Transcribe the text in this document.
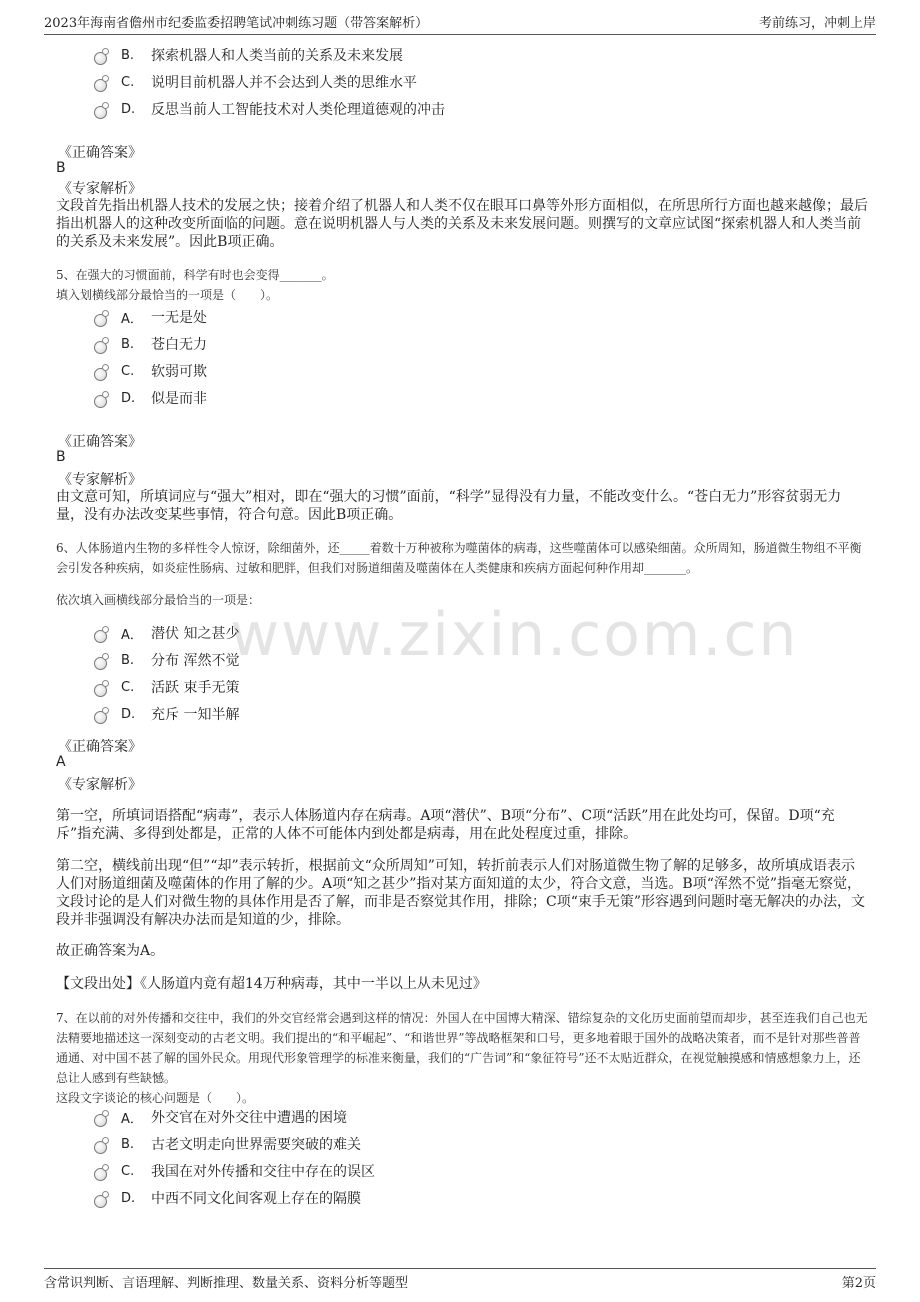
2023年海南省儋州市纪委监委招聘笔试冲刺练习题（带答案解析）	考前练习，冲刺上岸
www.zixin.com.cn
B.	探索机器人和人类当前的关系及未来发展
C.	说明目前机器人并不会达到人类的思维水平
D.	反思当前人工智能技术对人类伦理道德观的冲击
《正确答案》
B
《专家解析》
文段首先指出机器人技术的发展之快；接着介绍了机器人和人类不仅在眼耳口鼻等外形方面相似，在所思所行方面也越来越像；最后指出机器人的这种改变所面临的问题。意在说明机器人与人类的关系及未来发展问题。则撰写的文章应试图“探索机器人和人类当前的关系及未来发展”。因此B项正确。
5、在强大的习惯面前，科学有时也会变得_______。
填入划横线部分最恰当的一项是（　　）。
A． 一无是处
B.	苍白无力
C.	软弱可欺
D.	似是而非
《正确答案》
B
《专家解析》
由文意可知，所填词应与“强大”相对，即在“强大的习惯”面前，“科学”显得没有力量，不能改变什么。“苍白无力”形容贫弱无力量，没有办法改变某些事情，符合句意。因此B项正确。
6、人体肠道内生物的多样性令人惊讶，除细菌外，还_____着数十万种被称为噬菌体的病毒，这些噬菌体可以感染细菌。众所周知，肠道微生物组不平衡会引发各种疾病，如炎症性肠病、过敏和肥胖，但我们对肠道细菌及噬菌体在人类健康和疾病方面起何种作用却_______。
依次填入画横线部分最恰当的一项是：
A． 潜伏 知之甚少
B.	分布 浑然不觉
C.	活跃 束手无策
D.	充斥 一知半解
《正确答案》
A
《专家解析》
第一空，所填词语搭配“病毒”，表示人体肠道内存在病毒。A项“潜伏”、B项“分布”、C项“活跃”用在此处均可，保留。D项“充斥”指充满、多得到处都是，正常的人体不可能体内到处都是病毒，用在此处程度过重，排除。
第二空，横线前出现“但”“却”表示转折，根据前文“众所周知”可知，转折前表示人们对肠道微生物了解的足够多，故所填成语表示人们对肠道细菌及噬菌体的作用了解的少。A项“知之甚少”指对某方面知道的太少，符合文意，当选。B项“浑然不觉”指毫无察觉，文段讨论的是人们对微生物的具体作用是否了解，而非是否察觉其作用，排除；C项“束手无策”形容遇到问题时毫无解决的办法，文段并非强调没有解决办法而是知道的少，排除。
故正确答案为A。
【文段出处】《人肠道内竟有超14万种病毒，其中一半以上从未见过》
7、在以前的对外传播和交往中，我们的外交官经常会遇到这样的情况：外国人在中国博大精深、错综复杂的文化历史面前望而却步，甚至连我们自己也无法精要地描述这一深刻变动的古老文明。我们提出的“和平崛起”、“和谐世界”等战略框架和口号，更多地着眼于国外的战略决策者，而不是针对那些普普通通、对中国不甚了解的国外民众。用现代形象管理学的标准来衡量，我们的“广告词”和“象征符号”还不太贴近群众，在视觉触摸感和情感想象力上，还总让人感到有些缺憾。
这段文字谈论的核心问题是（　　）。
A． 外交官在对外交往中遭遇的困境
B.	古老文明走向世界需要突破的难关
C.	我国在对外传播和交往中存在的误区
D.	中西不同文化间客观上存在的隔膜
含常识判断、言语理解、判断推理、数量关系、资料分析等题型	第2页
